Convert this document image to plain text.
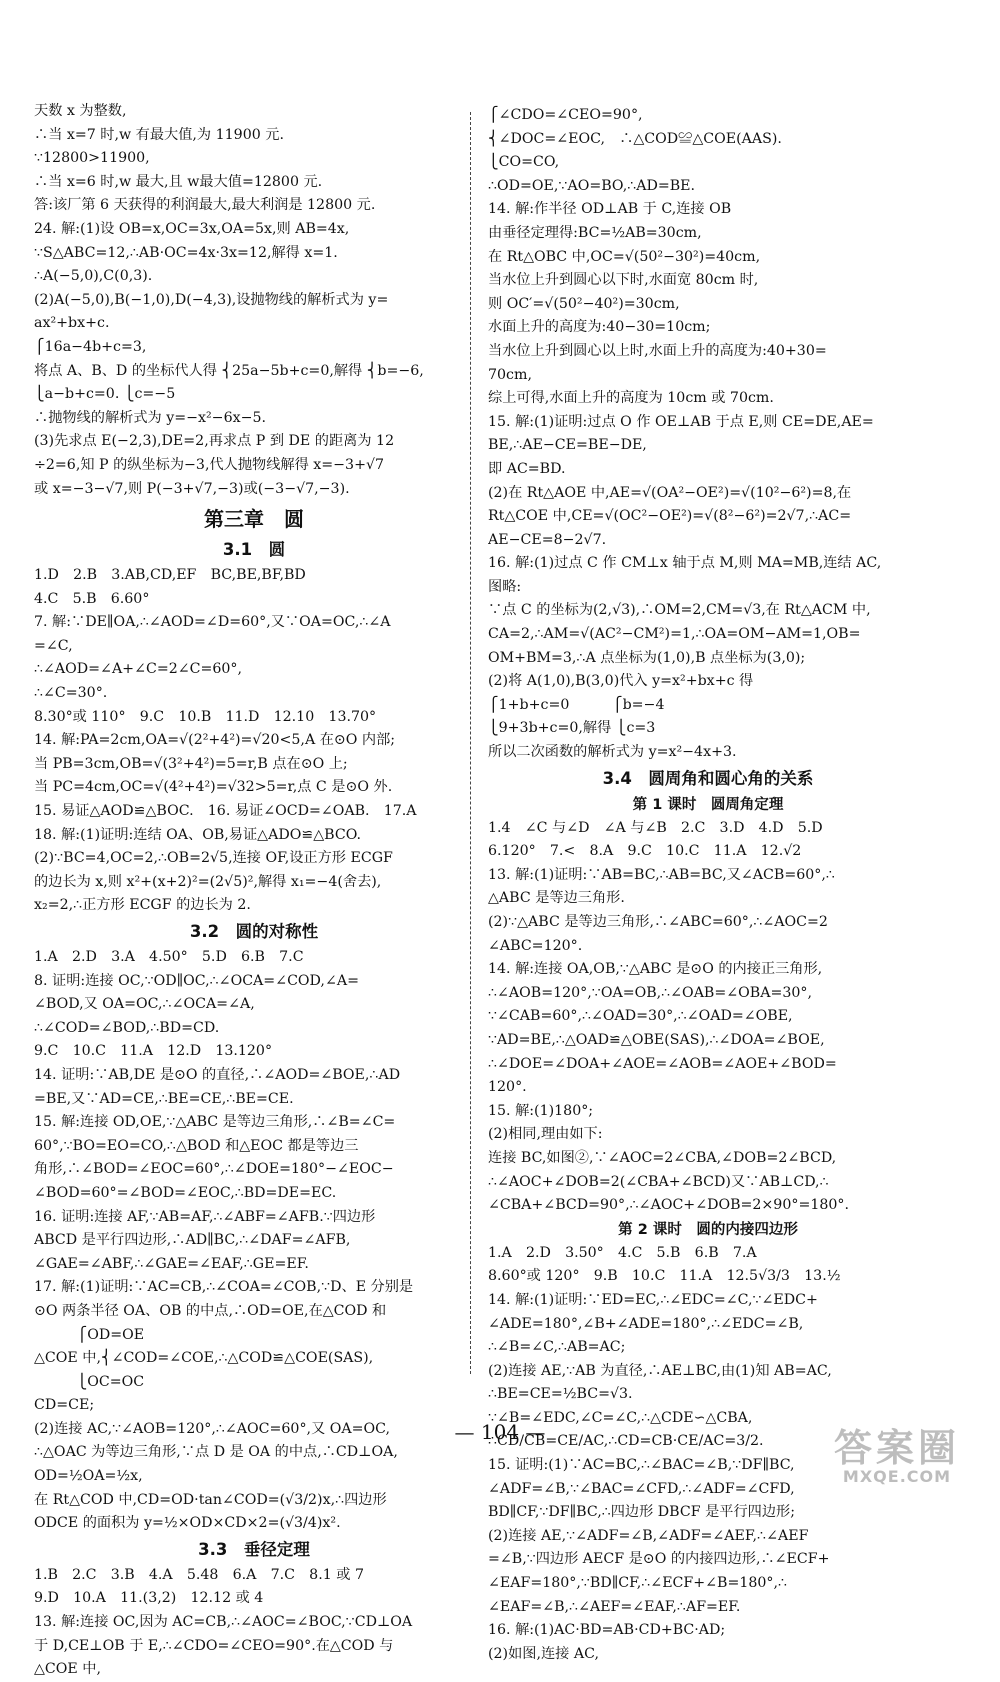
天数 x 为整数,
∴当 x=7 时,w 有最大值,为 11900 元.
∵12800>11900,
∴当 x=6 时,w 最大,且 w最大值=12800 元.
答:该厂第 6 天获得的利润最大,最大利润是 12800 元.
24. 解:(1)设 OB=x,OC=3x,OA=5x,则 AB=4x,
∵S△ABC=12,∴AB·OC=4x·3x=12,解得 x=1.
∴A(−5,0),C(0,3).
(2)A(−5,0),B(−1,0),D(−4,3),设抛物线的解析式为 y=
ax²+bx+c.
⎧16a−4b+c=3,
将点 A、B、D 的坐标代人得 ⎨25a−5b+c=0,解得 ⎨b=−6,
⎩a−b+c=0. ⎩c=−5
∴抛物线的解析式为 y=−x²−6x−5.
(3)先求点 E(−2,3),DE=2,再求点 P 到 DE 的距离为 12
÷2=6,知 P 的纵坐标为−3,代人抛物线解得 x=−3+√7
或 x=−3−√7,则 P(−3+√7,−3)或(−3−√7,−3).
第三章　圆
3.1　圆
1.D　2.B　3.AB,CD,EF　BC,BE,BF,BD
4.C　5.B　6.60°
7. 解:∵DE∥OA,∴∠AOD=∠D=60°,又∵OA=OC,∴∠A
=∠C,
∴∠AOD=∠A+∠C=2∠C=60°,
∴∠C=30°.
8.30°或 110°　9.C　10.B　11.D　12.10　13.70°
14. 解:PA=2cm,OA=√(2²+4²)=√20<5,A 在⊙O 内部;
当 PB=3cm,OB=√(3²+4²)=5=r,B 点在⊙O 上;
当 PC=4cm,OC=√(4²+4²)=√32>5=r,点 C 是⊙O 外.
15. 易证△AOD≌△BOC.　16. 易证∠OCD=∠OAB.　17.A
18. 解:(1)证明:连结 OA、OB,易证△ADO≌△BCO.
(2)∵BC=4,OC=2,∴OB=2√5,连接 OF,设正方形 ECGF
的边长为 x,则 x²+(x+2)²=(2√5)²,解得 x₁=−4(舍去),
x₂=2,∴正方形 ECGF 的边长为 2.
3.2　圆的对称性
1.A　2.D　3.A　4.50°　5.D　6.B　7.C
8. 证明:连接 OC,∵OD∥OC,∴∠OCA=∠COD,∠A=
∠BOD,又 OA=OC,∴∠OCA=∠A,
∴∠COD=∠BOD,∴BD=CD.
9.C　10.C　11.A　12.D　13.120°
14. 证明:∵AB,DE 是⊙O 的直径,∴∠AOD=∠BOE,∴AD
=BE,又∵AD=CE,∴BE=CE,∴BE=CE.
15. 解:连接 OD,OE,∵△ABC 是等边三角形,∴∠B=∠C=
60°,∵BO=EO=CO,∴△BOD 和△EOC 都是等边三
角形,∴∠BOD=∠EOC=60°,∴∠DOE=180°−∠EOC−
∠BOD=60°=∠BOD=∠EOC,∴BD=DE=EC.
16. 证明:连接 AF,∵AB=AF,∴∠ABF=∠AFB.∵四边形
ABCD 是平行四边形,∴AD∥BC,∴∠DAF=∠AFB,
∠GAE=∠ABF,∴∠GAE=∠EAF,∴GE=EF.
17. 解:(1)证明:∵AC=CB,∴∠COA=∠COB,∵D、E 分别是
⊙O 两条半径 OA、OB 的中点,∴OD=OE,在△COD 和
　　　⎧OD=OE
△COE 中,⎨∠COD=∠COE,∴△COD≌△COE(SAS),
　　　⎩OC=OC
CD=CE;
(2)连接 AC,∵∠AOB=120°,∴∠AOC=60°,又 OA=OC,
∴△OAC 为等边三角形,∵点 D 是 OA 的中点,∴CD⊥OA,
OD=½OA=½x,
在 Rt△COD 中,CD=OD·tan∠COD=(√3/2)x,∴四边形
ODCE 的面积为 y=½×OD×CD×2=(√3/4)x².
3.3　垂径定理
1.B　2.C　3.B　4.A　5.48　6.A　7.C　8.1 或 7
9.D　10.A　11.(3,2)　12.12 或 4
13. 解:连接 OC,因为 AC=CB,∴∠AOC=∠BOC,∵CD⊥OA
于 D,CE⊥OB 于 E,∴∠CDO=∠CEO=90°.在△COD 与
△COE 中,
⎧∠CDO=∠CEO=90°,
⎨∠DOC=∠EOC,　∴△COD≌△COE(AAS).
⎩CO=CO,
∴OD=OE,∵AO=BO,∴AD=BE.
14. 解:作半径 OD⊥AB 于 C,连接 OB
由垂径定理得:BC=½AB=30cm,
在 Rt△OBC 中,OC=√(50²−30²)=40cm,
当水位上升到圆心以下时,水面宽 80cm 时,
则 OC′=√(50²−40²)=30cm,
水面上升的高度为:40−30=10cm;
当水位上升到圆心以上时,水面上升的高度为:40+30=
70cm,
综上可得,水面上升的高度为 10cm 或 70cm.
15. 解:(1)证明:过点 O 作 OE⊥AB 于点 E,则 CE=DE,AE=
BE,∴AE−CE=BE−DE,
即 AC=BD.
(2)在 Rt△AOE 中,AE=√(OA²−OE²)=√(10²−6²)=8,在
Rt△COE 中,CE=√(OC²−OE²)=√(8²−6²)=2√7,∴AC=
AE−CE=8−2√7.
16. 解:(1)过点 C 作 CM⊥x 轴于点 M,则 MA=MB,连结 AC,
图略:
∵点 C 的坐标为(2,√3),∴OM=2,CM=√3,在 Rt△ACM 中,
CA=2,∴AM=√(AC²−CM²)=1,∴OA=OM−AM=1,OB=
OM+BM=3,∴A 点坐标为(1,0),B 点坐标为(3,0);
(2)将 A(1,0),B(3,0)代入 y=x²+bx+c 得
⎧1+b+c=0　　　⎧b=−4
⎩9+3b+c=0,解得 ⎩c=3
所以二次函数的解析式为 y=x²−4x+3.
3.4　圆周角和圆心角的关系
第 1 课时　圆周角定理
1.4　∠C 与∠D　∠A 与∠B　2.C　3.D　4.D　5.D
6.120°　7.<　8.A　9.C　10.C　11.A　12.√2
13. 解:(1)证明:∵AB=BC,∴AB=BC,又∠ACB=60°,∴
△ABC 是等边三角形.
(2)∵△ABC 是等边三角形,∴∠ABC=60°,∴∠AOC=2
∠ABC=120°.
14. 解:连接 OA,OB,∵△ABC 是⊙O 的内接正三角形,
∴∠AOB=120°,∵OA=OB,∴∠OAB=∠OBA=30°,
∵∠CAB=60°,∴∠OAD=30°,∴∠OAD=∠OBE,
∵AD=BE,∴△OAD≌△OBE(SAS),∴∠DOA=∠BOE,
∴∠DOE=∠DOA+∠AOE=∠AOB=∠AOE+∠BOD=
120°.
15. 解:(1)180°;
(2)相同,理由如下:
连接 BC,如图②,∵∠AOC=2∠CBA,∠DOB=2∠BCD,
∴∠AOC+∠DOB=2(∠CBA+∠BCD)又∵AB⊥CD,∴
∠CBA+∠BCD=90°,∴∠AOC+∠DOB=2×90°=180°.
第 2 课时　圆的内接四边形
1.A　2.D　3.50°　4.C　5.B　6.B　7.A
8.60°或 120°　9.B　10.C　11.A　12.5√3/3　13.½
14. 解:(1)证明:∵ED=EC,∴∠EDC=∠C,∵∠EDC+
∠ADE=180°,∠B+∠ADE=180°,∴∠EDC=∠B,
∴∠B=∠C,∴AB=AC;
(2)连接 AE,∵AB 为直径,∴AE⊥BC,由(1)知 AB=AC,
∴BE=CE=½BC=√3.
∵∠B=∠EDC,∠C=∠C,∴△CDE∽△CBA,
∴CD/CB=CE/AC,∴CD=CB·CE/AC=3/2.
15. 证明:(1)∵AC=BC,∴∠BAC=∠B,∵DF∥BC,
∠ADF=∠B,∵∠BAC=∠CFD,∴∠ADF=∠CFD,
BD∥CF,∵DF∥BC,∴四边形 DBCF 是平行四边形;
(2)连接 AE,∵∠ADF=∠B,∠ADF=∠AEF,∴∠AEF
=∠B,∵四边形 AECF 是⊙O 的内接四边形,∴∠ECF+
∠EAF=180°,∵BD∥CF,∴∠ECF+∠B=180°,∴
∠EAF=∠B,∴∠AEF=∠EAF,∴AF=EF.
16. 解:(1)AC·BD=AB·CD+BC·AD;
(2)如图,连接 AC,
— 104 —	答案圈
MXQE.COM
